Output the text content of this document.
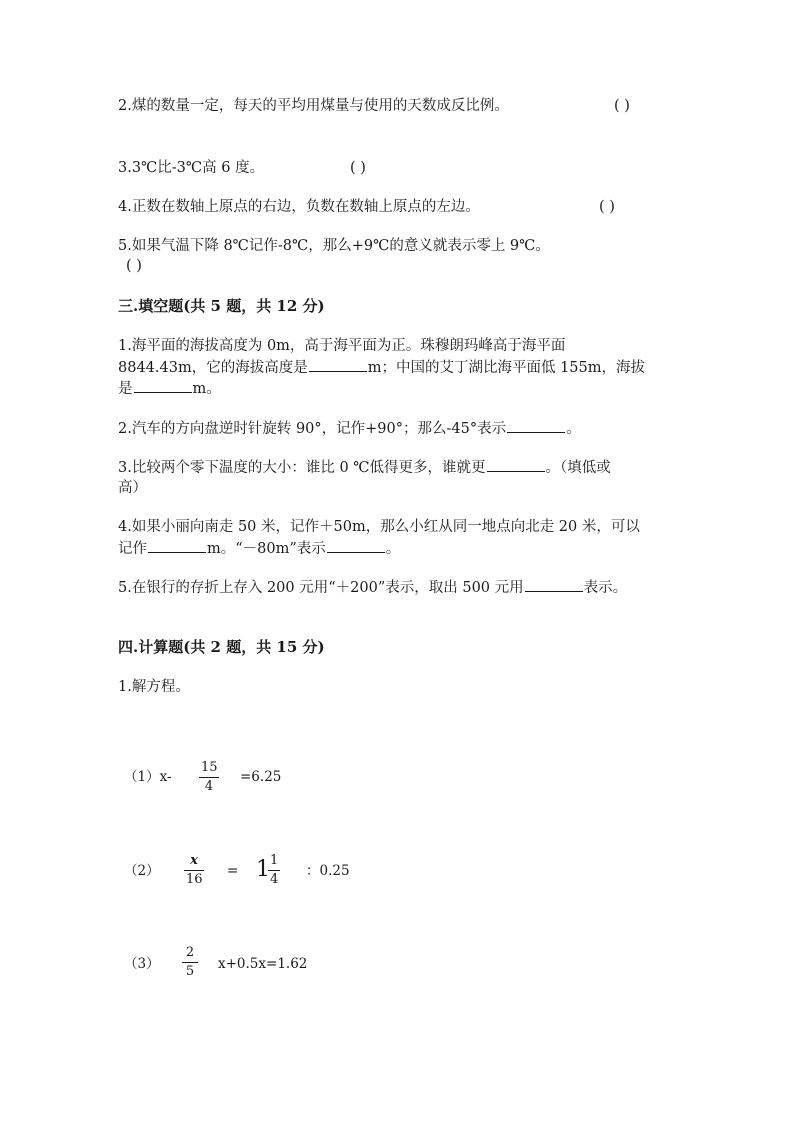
2.煤的数量一定，每天的平均用煤量与使用的天数成反比例。	( )
3.3℃比-3℃高 6 度。	( )
4.正数在数轴上原点的右边，负数在数轴上原点的左边。	( )
5.如果气温下降 8℃记作-8℃，那么+9℃的意义就表示零上 9℃。
( )
三.填空题(共 5 题，共 12 分)
1.海平面的海拔高度为 0m，高于海平面为正。珠穆朗玛峰高于海平面
8844.43m，它的海拔高度是	m；中国的艾丁湖比海平面低 155m，海拔
是	m。
2.汽车的方向盘逆时针旋转 90°，记作+90°；那么-45°表示	。
3.比较两个零下温度的大小：谁比 0 ℃低得更多，谁就更	。（填低或
高）
4.如果小丽向南走 50 米，记作＋50m，那么小红从同一地点向北走 20 米，可以
记作	m。“－80m”表示	。
5.在银行的存折上存入 200 元用“＋200”表示，取出 500 元用	表示。
四.计算题(共 2 题，共 15 分)
1.解方程。
（1）x-
15
4
=6.25
（2）
x
16
= 1 1
4
：0.25
（3）
2
5 x+0.5x=1.62
